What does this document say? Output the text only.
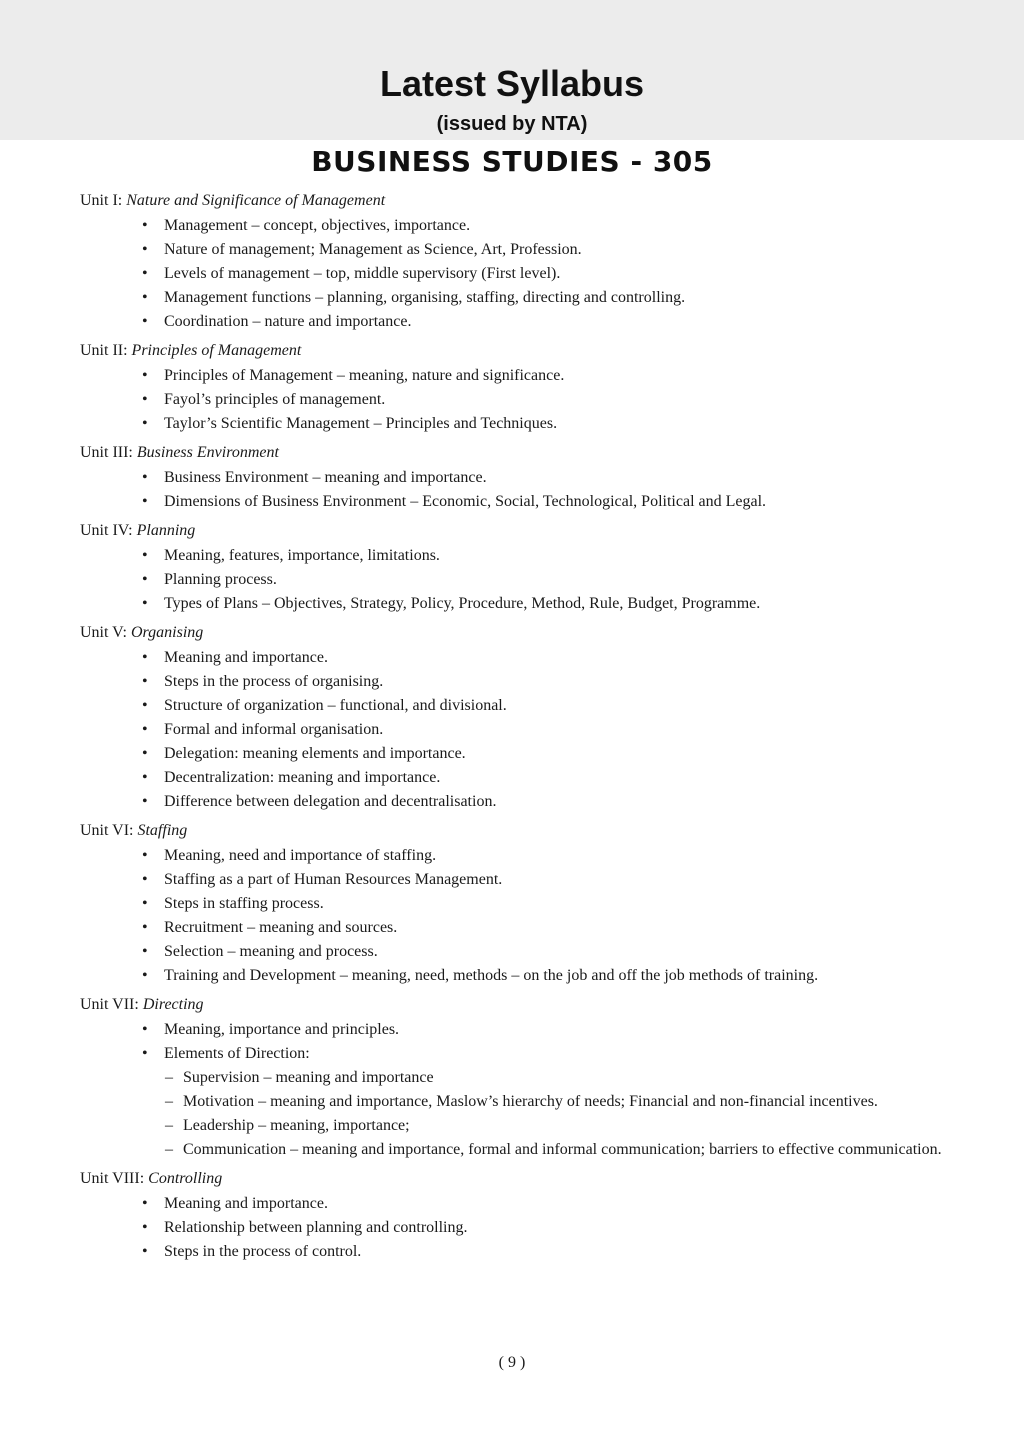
Latest Syllabus
(issued by NTA)
BUSINESS STUDIES - 305
Unit I: Nature and Significance of Management
• Management – concept, objectives, importance.
• Nature of management; Management as Science, Art, Profession.
• Levels of management – top, middle supervisory (First level).
• Management functions – planning, organising, staffing, directing and controlling.
• Coordination – nature and importance.
Unit II: Principles of Management
• Principles of Management – meaning, nature and significance.
• Fayol’s principles of management.
• Taylor’s Scientific Management – Principles and Techniques.
Unit III: Business Environment
• Business Environment – meaning and importance.
• Dimensions of Business Environment – Economic, Social, Technological, Political and Legal.
Unit IV: Planning
• Meaning, features, importance, limitations.
• Planning process.
• Types of Plans – Objectives, Strategy, Policy, Procedure, Method, Rule, Budget, Programme.
Unit V: Organising
• Meaning and importance.
• Steps in the process of organising.
• Structure of organization – functional, and divisional.
• Formal and informal organisation.
• Delegation: meaning elements and importance.
• Decentralization: meaning and importance.
• Difference between delegation and decentralisation.
Unit VI: Staffing
• Meaning, need and importance of staffing.
• Staffing as a part of Human Resources Management.
• Steps in staffing process.
• Recruitment – meaning and sources.
• Selection – meaning and process.
• Training and Development – meaning, need, methods – on the job and off the job methods of training.
Unit VII: Directing
• Meaning, importance and principles.
• Elements of Direction:
– Supervision – meaning and importance
– Motivation – meaning and importance, Maslow’s hierarchy of needs; Financial and non-financial incentives.
– Leadership – meaning, importance;
– Communication – meaning and importance, formal and informal communication; barriers to effective communication.
Unit VIII: Controlling
• Meaning and importance.
• Relationship between planning and controlling.
• Steps in the process of control.
( 9 )
